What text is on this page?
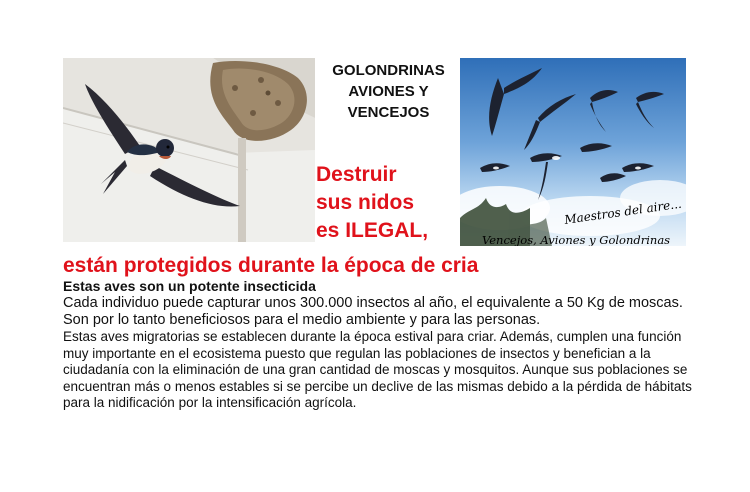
GOLONDRINAS
AVIONES Y
VENCEJOS
Maestros del aire...
Vencejos, Aviones y Golondrinas
Destruir
sus nidos
es ILEGAL,
están protegidos durante la época de cria
Estas aves son un potente insecticida

Cada individuo puede capturar unos 300.000 insectos al año, el equivalente a 50 Kg de moscas.

Son por lo tanto beneficiosos para el medio ambiente y para las personas.

Estas aves migratorias se establecen durante la época estival para criar. Además, cumplen una función muy importante en el ecosistema puesto que regulan las poblaciones de insectos y benefician a la ciudadanía con la eliminación de una gran cantidad de moscas y mosquitos. Aunque sus poblaciones se encuentran más o menos estables si se percibe un declive de las mismas debido a la pérdida de hábitats para la nidificación por la intensificación agrícola.
